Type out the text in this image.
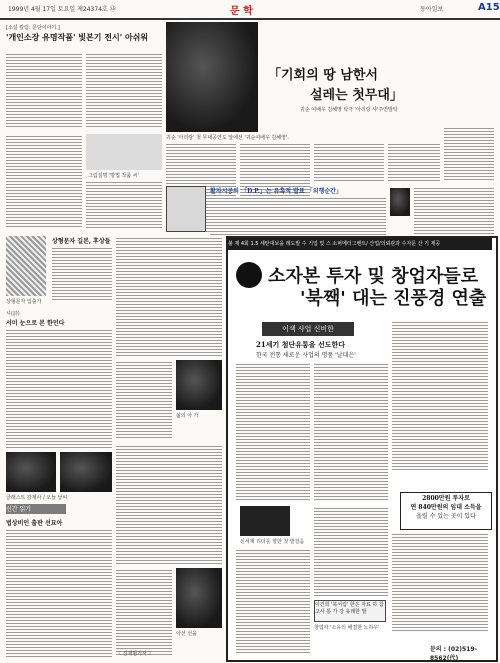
1999년 4월 17일 토요일 제24374호 ㉯	문 학	동아일보	A15
[소설 칼럼: 문단이야기 ]
'개인소장 유명작품' 빛본기 전시' 아쉬워
그림설명 '방법 작품 씨'
「기회의 땅 남한서
설레는 첫무대」
귀순 여배우 김혜영 탁극 '아리랑 샤'주연발탁
귀순 '아리랑' 첫 무대공연도 앞에선 '귀순여배우 김혜영'.
활자시공의 「D.P.」는 유혹적 발표 「외행순간」
상형문자 입출가
상형문자 길본, 후상들
시(詩)
서미 눈으로 본 한민다
클래스트 감계사 / 오늘 날씨
신간 읽기
법상비인 출판 선묘아
삶의 아 가
아선 선을
〈 김재범기자 〉
불 제 4회 1.5 세탄대보을 레도발 수 기업 및 스 소퍼메터그벤트/ 산업/의뢰관과 수자문 산 기 제공
소자본 투자 및 창업자들로
'북짹' 대는 진풍경 연출
이색 사업 신비한
21세기 첨단유통을 선도한다
한국 전통 새로운 사업의 명품 '날대은'
2800만원 투자로
연 840만원의 임대 소득을
올릴 수 있는 곳이 있다
신세계 리더를 향한 첫 발걸음
이건희 '북서림' 한은 자료 하 참고사 통 가 강 유래한 발
창업자 '소유의 해결한 노하우'
문의 : (02)519-8562(代)
